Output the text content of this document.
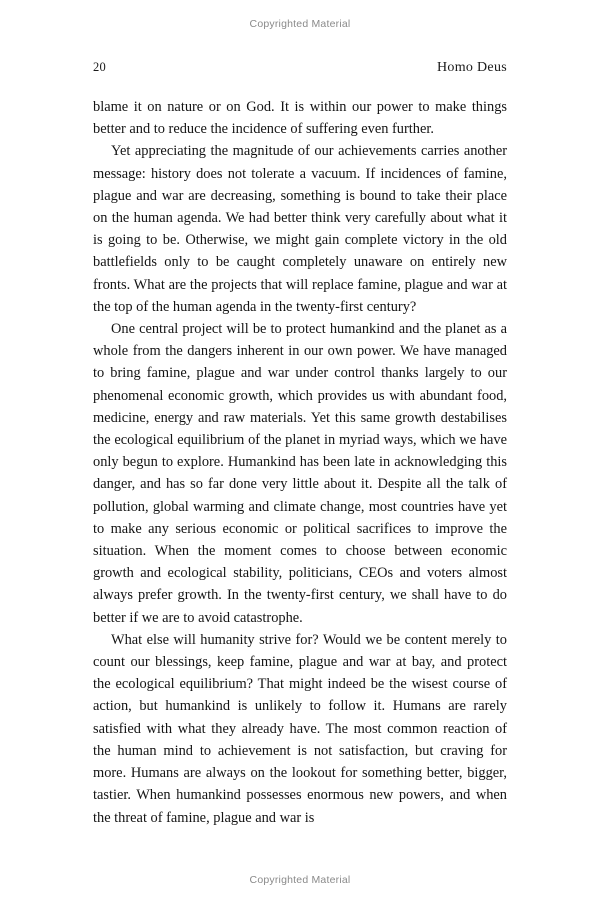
Copyrighted Material
20	Homo Deus

blame it on nature or on God. It is within our power to make things better and to reduce the incidence of suffering even further.

Yet appreciating the magnitude of our achievements carries another message: history does not tolerate a vacuum. If incidences of famine, plague and war are decreasing, something is bound to take their place on the human agenda. We had better think very carefully about what it is going to be. Otherwise, we might gain complete victory in the old battlefields only to be caught completely unaware on entirely new fronts. What are the projects that will replace famine, plague and war at the top of the human agenda in the twenty-first century?

One central project will be to protect humankind and the planet as a whole from the dangers inherent in our own power. We have managed to bring famine, plague and war under control thanks largely to our phenomenal economic growth, which provides us with abundant food, medicine, energy and raw materials. Yet this same growth destabilises the ecological equilibrium of the planet in myriad ways, which we have only begun to explore. Humankind has been late in acknowledging this danger, and has so far done very little about it. Despite all the talk of pollution, global warming and climate change, most countries have yet to make any serious economic or political sacrifices to improve the situation. When the moment comes to choose between economic growth and ecological stability, politicians, CEOs and voters almost always prefer growth. In the twenty-first century, we shall have to do better if we are to avoid catastrophe.

What else will humanity strive for? Would we be content merely to count our blessings, keep famine, plague and war at bay, and protect the ecological equilibrium? That might indeed be the wisest course of action, but humankind is unlikely to follow it. Humans are rarely satisfied with what they already have. The most common reaction of the human mind to achievement is not satisfaction, but craving for more. Humans are always on the lookout for something better, bigger, tastier. When humankind possesses enormous new powers, and when the threat of famine, plague and war is

Copyrighted Material
